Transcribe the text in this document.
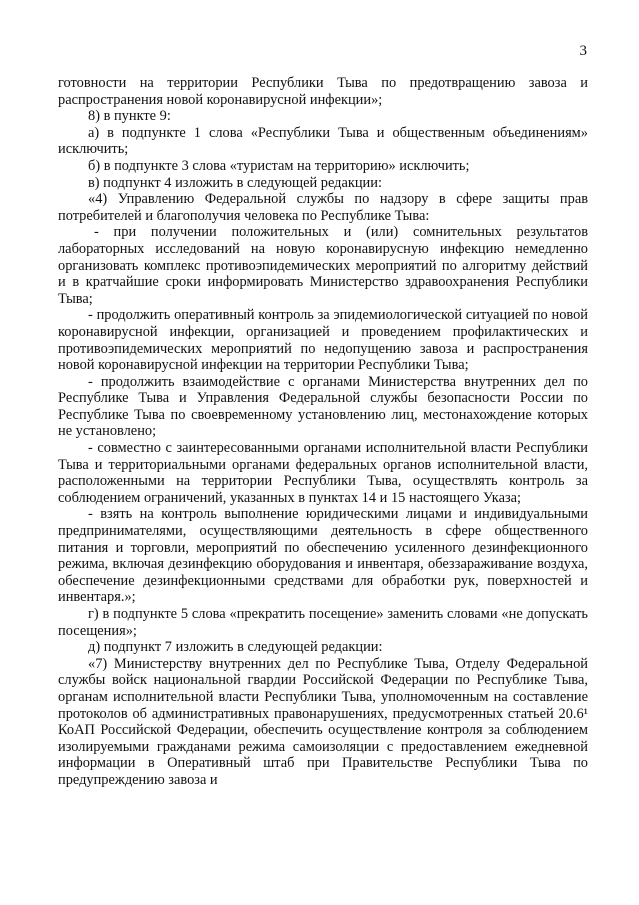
3

готовности на территории Республики Тыва по предотвращению завоза и распространения новой коронавирусной инфекции»;

8) в пункте 9:

а) в подпункте 1 слова «Республики Тыва и общественным объединениям» исключить;

б) в подпункте 3 слова «туристам на территорию» исключить;

в) подпункт 4 изложить в следующей редакции:

«4) Управлению Федеральной службы по надзору в сфере защиты прав потребителей и благополучия человека по Республике Тыва:

- при получении положительных и (или) сомнительных результатов лабораторных исследований на новую коронавирусную инфекцию немедленно организовать комплекс противоэпидемических мероприятий по алгоритму действий и в кратчайшие сроки информировать Министерство здравоохранения Республики Тыва;

- продолжить оперативный контроль за эпидемиологической ситуацией по новой коронавирусной инфекции, организацией и проведением профилактических и противоэпидемических мероприятий по недопущению завоза и распространения новой коронавирусной инфекции на территории Республики Тыва;

- продолжить взаимодействие с органами Министерства внутренних дел по Республике Тыва и Управления Федеральной службы безопасности России по Республике Тыва по своевременному установлению лиц, местонахождение которых не установлено;

- совместно с заинтересованными органами исполнительной власти Республики Тыва и территориальными органами федеральных органов исполнительной власти, расположенными на территории Республики Тыва, осуществлять контроль за соблюдением ограничений, указанных в пунктах 14 и 15 настоящего Указа;

- взять на контроль выполнение юридическими лицами и индивидуальными предпринимателями, осуществляющими деятельность в сфере общественного питания и торговли, мероприятий по обеспечению усиленного дезинфекционного режима, включая дезинфекцию оборудования и инвентаря, обеззараживание воздуха, обеспечение дезинфекционными средствами для обработки рук, поверхностей и инвентаря.»;

г) в подпункте 5 слова «прекратить посещение» заменить словами «не допускать посещения»;

д) подпункт 7 изложить в следующей редакции:

«7) Министерству внутренних дел по Республике Тыва, Отделу Федеральной службы войск национальной гвардии Российской Федерации по Республике Тыва, органам исполнительной власти Республики Тыва, уполномоченным на составление протоколов об административных правонарушениях, предусмотренных статьей 20.6¹ КоАП Российской Федерации, обеспечить осуществление контроля за соблюдением изолируемыми гражданами режима самоизоляции с предоставлением ежедневной информации в Оперативный штаб при Правительстве Республики Тыва по предупреждению завоза и
